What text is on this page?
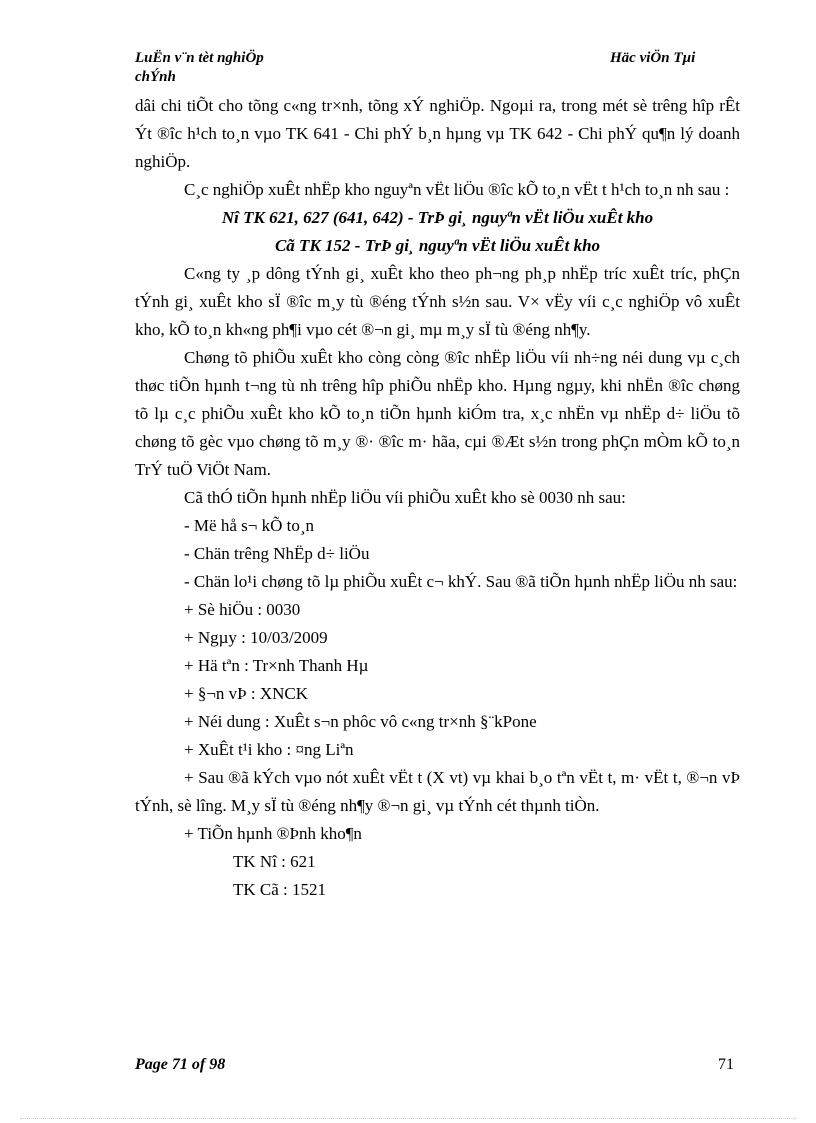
LuËn v¨n tèt nghiÖp
chÝnh
Häc viÖn Tµi

dâi chi tiÕt cho tõng c«ng tr×nh, tõng xÝ nghiÖp. Ngoµi ra, trong mét sè trêng hîp rÊt Ýt ®îc h¹ch to¸n vµo TK 641 - Chi phÝ b¸n hµng vµ TK 642 - Chi phÝ qu¶n lý doanh nghiÖp.

C¸c nghiÖp xuÊt nhËp kho nguyªn vËt liÖu ®îc kÕ to¸n vËt t h¹ch to¸n nh sau :

Nî TK 621, 627 (641, 642) - TrÞ gi¸ nguyªn vËt liÖu xuÊt kho

Cã TK 152 - TrÞ gi¸ nguyªn vËt liÖu xuÊt kho

C«ng ty ¸p dông tÝnh gi¸ xuÊt kho theo ph¬ng ph¸p nhËp tríc xuÊt tríc, phÇn tÝnh gi¸ xuÊt kho sÏ ®îc m¸y tù ®éng tÝnh s½n sau. V× vËy víi c¸c nghiÖp vô xuÊt kho, kÕ to¸n kh«ng ph¶i vµo cét ®¬n gi¸ mµ m¸y sÏ tù ®éng nh¶y.

Chøng tõ phiÕu xuÊt kho còng còng ®îc nhËp liÖu víi nh÷ng néi dung vµ c¸ch thøc tiÕn hµnh t¬ng tù nh trêng hîp phiÕu nhËp kho. Hµng ngµy, khi nhËn ®îc chøng tõ lµ c¸c phiÕu xuÊt kho kÕ to¸n tiÕn hµnh kiÓm tra, x¸c nhËn vµ nhËp d÷ liÖu tõ chøng tõ gèc vµo chøng tõ m¸y ®· ®îc m· hãa, cµi ®Æt s½n trong phÇn mÒm kÕ to¸n TrÝ tuÖ ViÖt Nam.

Cã thÓ tiÕn hµnh nhËp liÖu víi phiÕu xuÊt kho sè 0030 nh sau:

- Më hå s¬ kÕ to¸n

- Chän trêng NhËp d÷ liÖu

- Chän lo¹i chøng tõ lµ phiÕu xuÊt c¬ khÝ. Sau ®ã tiÕn hµnh nhËp liÖu nh sau:

+ Sè hiÖu : 0030

+ Ngµy : 10/03/2009

+ Hä tªn : Tr×nh Thanh Hµ

+ §¬n vÞ : XNCK

+ Néi dung : XuÊt s¬n phôc vô c«ng tr×nh §¨kPone

+ XuÊt t¹i kho : ¤ng Liªn

+ Sau ®ã kÝch vµo nót xuÊt vËt t (X vt) vµ khai b¸o tªn vËt t, m· vËt t, ®¬n vÞ tÝnh, sè lîng. M¸y sÏ tù ®éng nh¶y ®¬n gi¸ vµ tÝnh cét thµnh tiÒn.

+ TiÕn hµnh ®Þnh kho¶n

TK Nî : 621

TK Cã : 1521

Page 71 of 98	71
